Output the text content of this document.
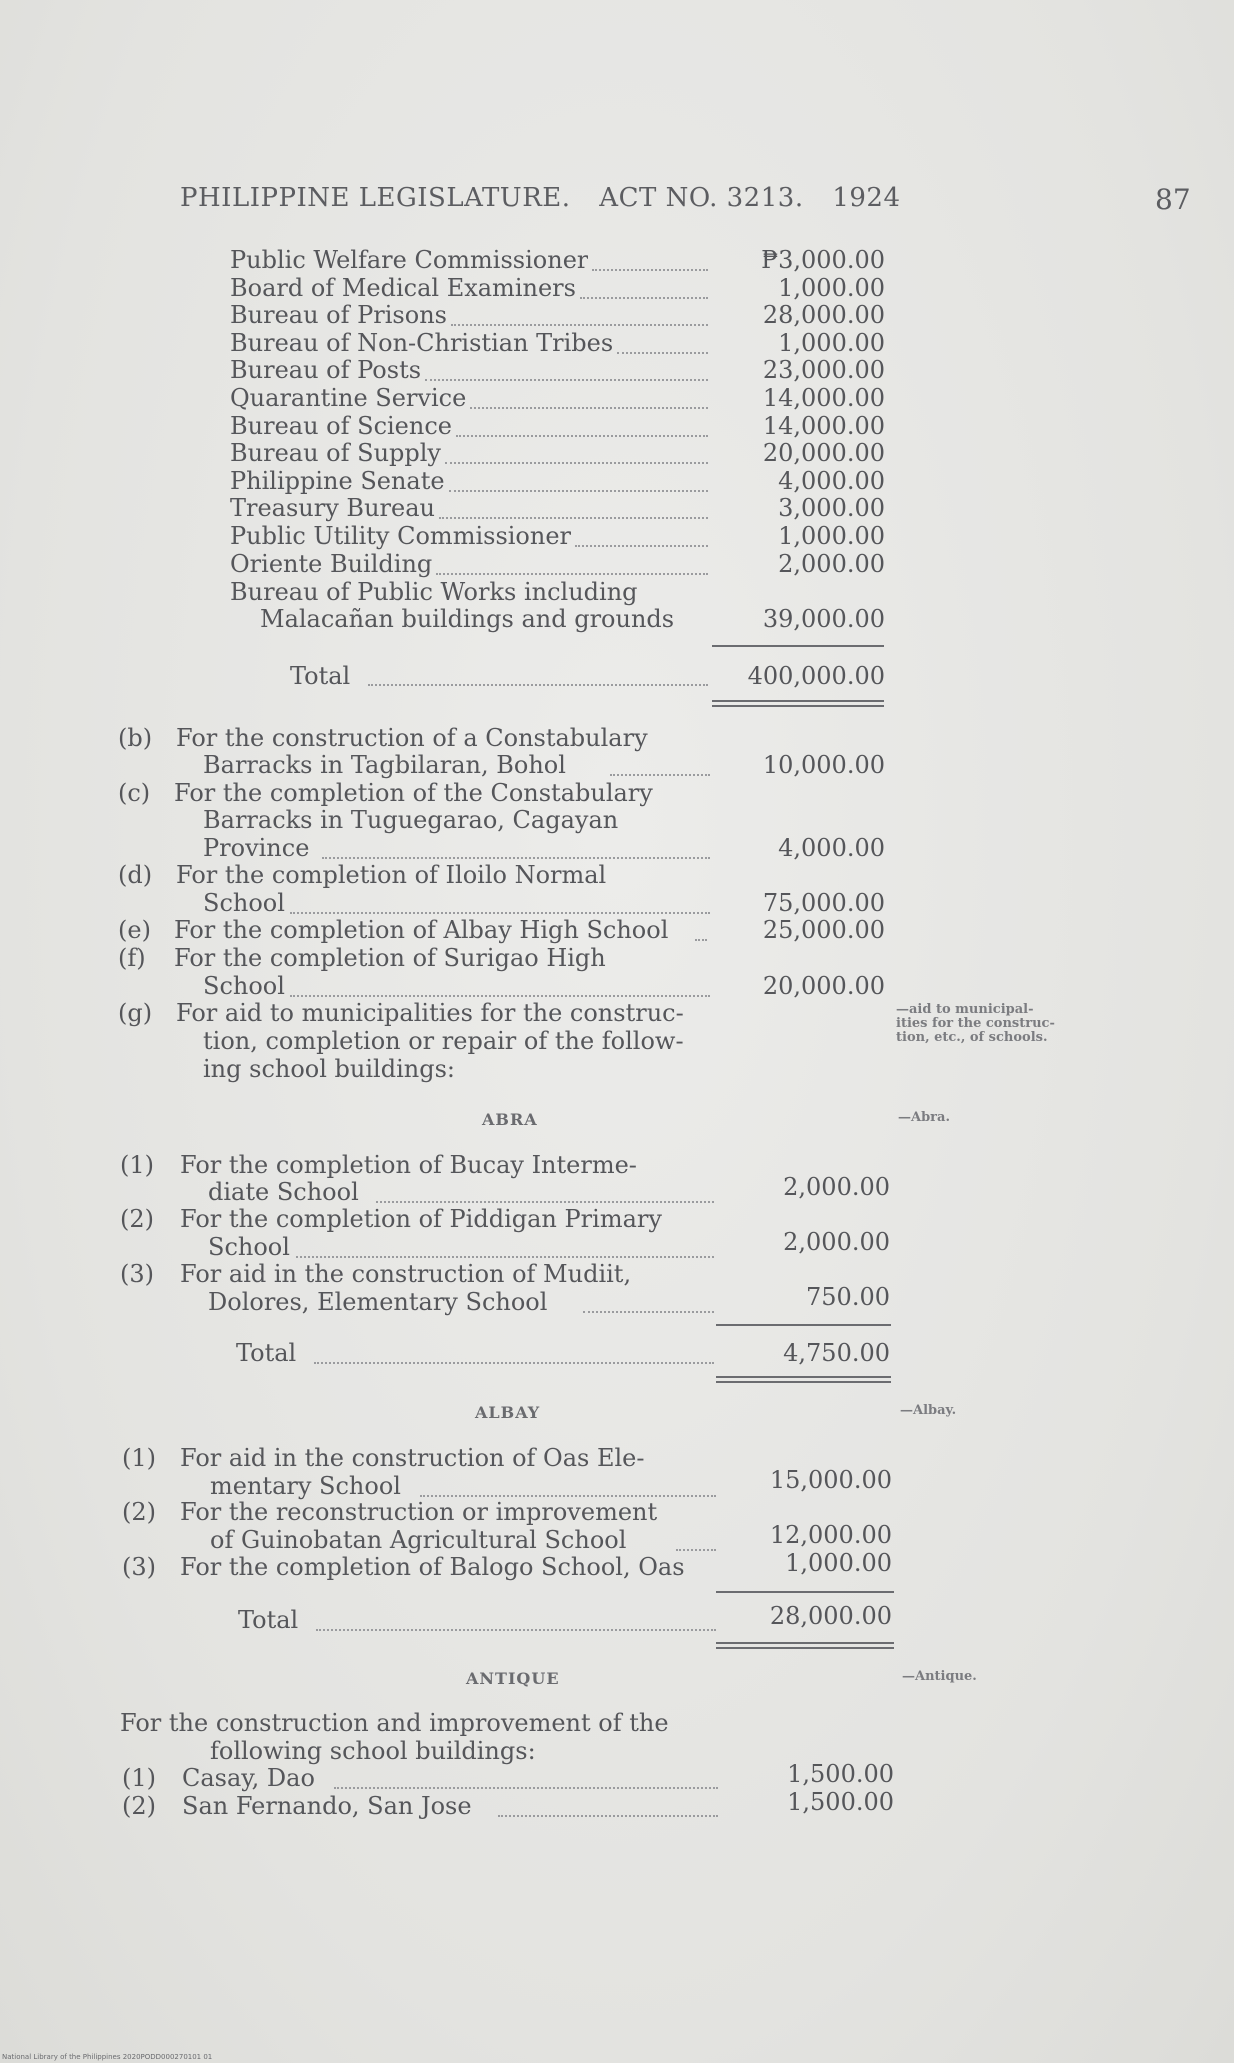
PHILIPPINE LEGISLATURE. ACT NO. 3213. 1924	87
Public Welfare Commissioner	₱3,000.00
Board of Medical Examiners	1,000.00
Bureau of Prisons	28,000.00
Bureau of Non-Christian Tribes	1,000.00
Bureau of Posts	23,000.00
Quarantine Service	14,000.00
Bureau of Science	14,000.00
Bureau of Supply	20,000.00
Philippine Senate	4,000.00
Treasury Bureau	3,000.00
Public Utility Commissioner	1,000.00
Oriente Building	2,000.00
Bureau of Public Works including
Malacañan buildings and grounds	39,000.00
Total	400,000.00
(b) For the construction of a Constabulary
Barracks in Tagbilaran, Bohol	10,000.00
(c) For the completion of the Constabulary
Barracks in Tuguegarao, Cagayan
Province	4,000.00
(d) For the completion of Iloilo Normal
School	75,000.00
(e) For the completion of Albay High School	25,000.00
(f) For the completion of Surigao High
School	20,000.00
(g) For aid to municipalities for the construc-
tion, completion or repair of the follow-
ing school buildings:
—aid to municipal-
ities for the construc-
tion, etc., of schools.
ABRA	—Abra.
(1) For the completion of Bucay Interme-
diate School	2,000.00
(2) For the completion of Piddigan Primary
School	2,000.00
(3) For aid in the construction of Mudiit,
Dolores, Elementary School	750.00
Total	4,750.00
ALBAY	—Albay.
(1) For aid in the construction of Oas Ele-
mentary School	15,000.00
(2) For the reconstruction or improvement
of Guinobatan Agricultural School	12,000.00
(3) For the completion of Balogo School, Oas	1,000.00
Total	28,000.00
ANTIQUE	—Antique.
For the construction and improvement of the
following school buildings:
(1) Casay, Dao	1,500.00
(2) San Fernando, San Jose	1,500.00
National Library of the Philippines 2020PODD000270101 01
